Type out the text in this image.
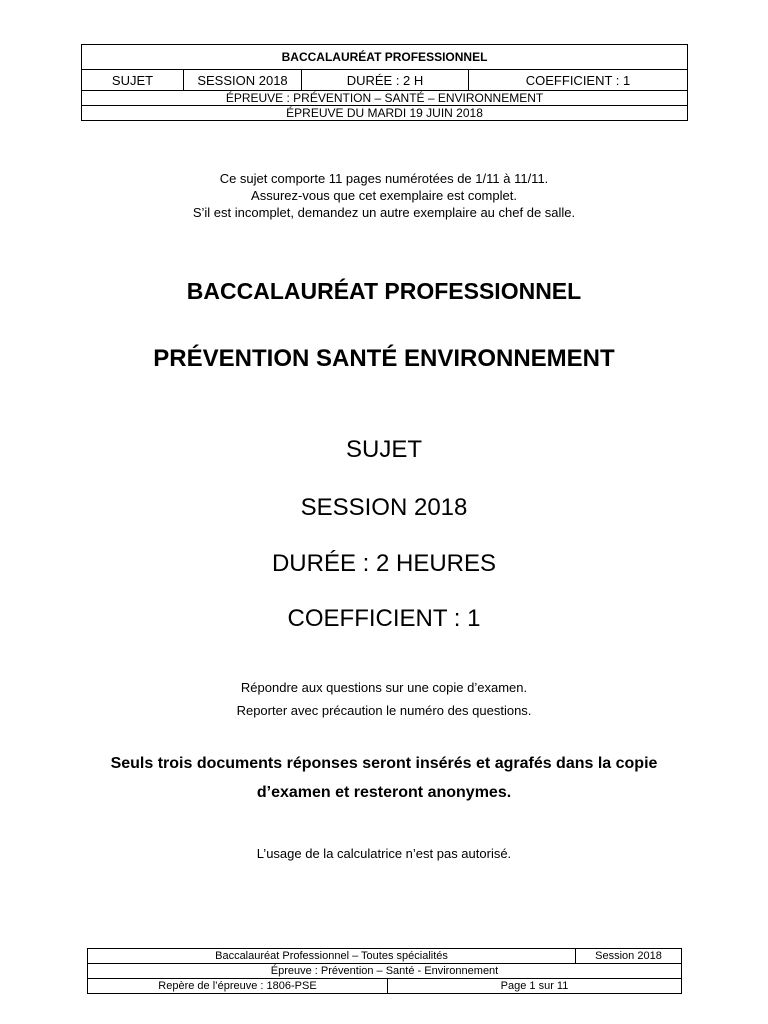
BACCALAURÉAT PROFESSIONNEL
SUJET	SESSION 2018	DURÉE : 2 H	COEFFICIENT : 1
ÉPREUVE : PRÉVENTION – SANTÉ – ENVIRONNEMENT
ÉPREUVE DU MARDI 19 JUIN 2018
Ce sujet comporte 11 pages numérotées de 1/11 à 11/11.
Assurez-vous que cet exemplaire est complet.
S’il est incomplet, demandez un autre exemplaire au chef de salle.
BACCALAURÉAT PROFESSIONNEL
PRÉVENTION SANTÉ ENVIRONNEMENT
SUJET
SESSION 2018
DURÉE : 2 HEURES
COEFFICIENT : 1
Répondre aux questions sur une copie d’examen.
Reporter avec précaution le numéro des questions.
Seuls trois documents réponses seront insérés et agrafés dans la copie
d’examen et resteront anonymes.
L’usage de la calculatrice n’est pas autorisé.
Baccalauréat Professionnel – Toutes spécialités		Session 2018
Épreuve : Prévention – Santé - Environnement		
Repère de l’épreuve : 1806-PSE	Page 1 sur 11	
